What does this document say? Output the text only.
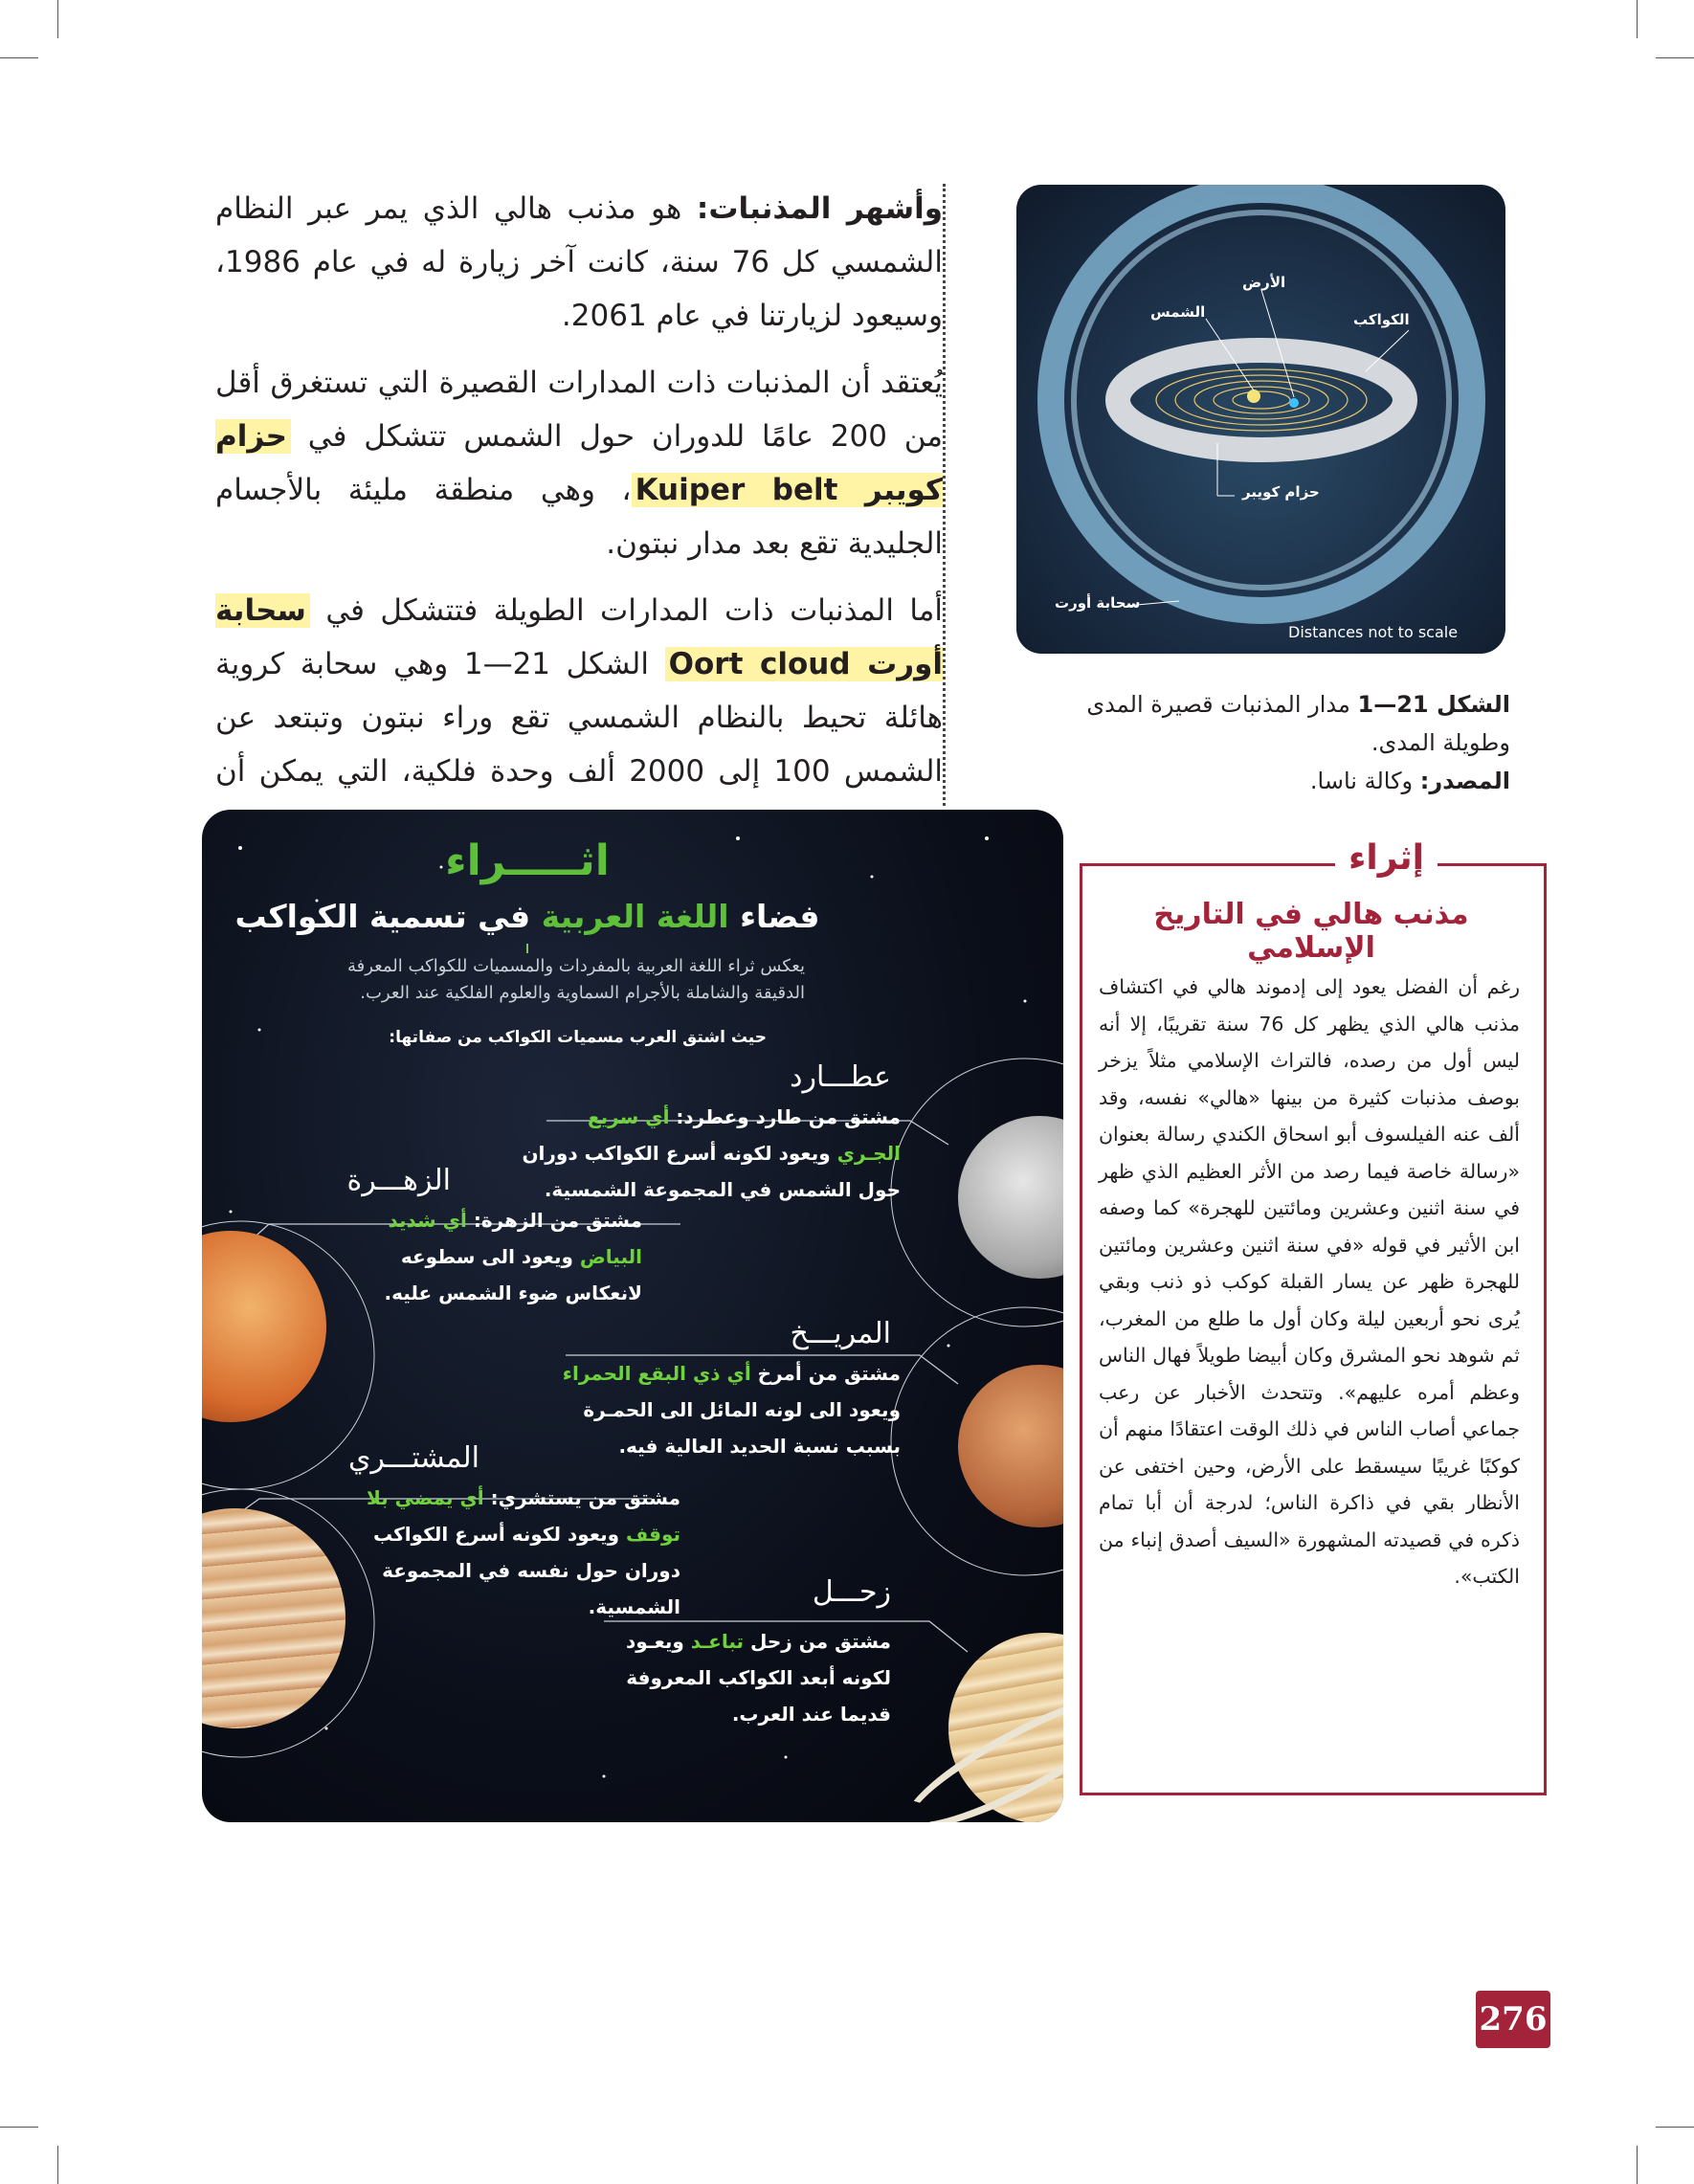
وأشهر المذنبات: هو مذنب هالي الذي يمر عبر النظام الشمسي كل 76 سنة، كانت آخر زيارة له في عام 1986، وسيعود لزيارتنا في عام 2061.

يُعتقد أن المذنبات ذات المدارات القصيرة التي تستغرق أقل من 200 عامًا للدوران حول الشمس تتشكل في حزام كويبر Kuiper belt، وهي منطقة مليئة بالأجسام الجليدية تقع بعد مدار نبتون.

أما المذنبات ذات المدارات الطويلة فتتشكل في سحابة أورت Oort cloud الشكل 21—1 وهي سحابة كروية هائلة تحيط بالنظام الشمسي تقع وراء نبتون وتبتعد عن الشمس 100 إلى 2000 ألف وحدة فلكية، التي يمكن أن

الأرض
الشمس	الكواكب
حزام كويبر
سحابة أورت
Distances not to scale
الشكل 21—1 مدار المذنبات قصيرة المدى وطويلة المدى.
المصدر: وكالة ناسا.
اثـــــراء
فضاء اللغة العربية في تسمية الكواكب
يعكس ثراء اللغة العربية بالمفردات والمسميات للكواكب المعرفة الدقيقة والشاملة بالأجرام السماوية والعلوم الفلكية عند العرب.
حيث اشتق العرب مسميات الكواكب من صفاتها:
عطـــارد
مشتق من طارد وعطرد: أي سريع الجـري ويعود لكونه أسرع الكواكب دوران حول الشمس في المجموعة الشمسية.
الزهـــرة
مشتق من الزهرة: أي شديد البياض ويعود الى سطوعه لانعكاس ضوء الشمس عليه.
المريـــخ
مشتق من أمرخ أي ذي البقع الحمراء ويعود الى لونه المائل الى الحمـرة بسبب نسبة الحديد العالية فيه.
المشتـــري
مشتق من يستشري: أي يمضي بلا توقف ويعود لكونه أسرع الكواكب دوران حول نفسه في المجموعة الشمسية.	زحـــل
مشتق من زحل تباعـد ويعـود لكونه أبعد الكواكب المعروفة قديما عند العرب.
إثراء
مذنب هالي في التاريخ الإسلامي
رغم أن الفضل يعود إلى إدموند هالي في اكتشاف مذنب هالي الذي يظهر كل 76 سنة تقريبًا، إلا أنه ليس أول من رصده، فالتراث الإسلامي مثلاً يزخر بوصف مذنبات كثيرة من بينها «هالي» نفسه، وقد ألف عنه الفيلسوف أبو اسحاق الكندي رسالة بعنوان «رسالة خاصة فيما رصد من الأثر العظيم الذي ظهر في سنة اثنين وعشرين ومائتين للهجرة» كما وصفه ابن الأثير في قوله «في سنة اثنين وعشرين ومائتين للهجرة ظهر عن يسار القبلة كوكب ذو ذنب وبقي يُرى نحو أربعين ليلة وكان أول ما طلع من المغرب، ثم شوهد نحو المشرق وكان أبيضا طويلاً فهال الناس وعظم أمره عليهم». وتتحدث الأخبار عن رعب جماعي أصاب الناس في ذلك الوقت اعتقادًا منهم أن كوكبًا غريبًا سيسقط على الأرض، وحين اختفى عن الأنظار بقي في ذاكرة الناس؛ لدرجة أن أبا تمام ذكره في قصيدته المشهورة «السيف أصدق إنباء من الكتب».
276
